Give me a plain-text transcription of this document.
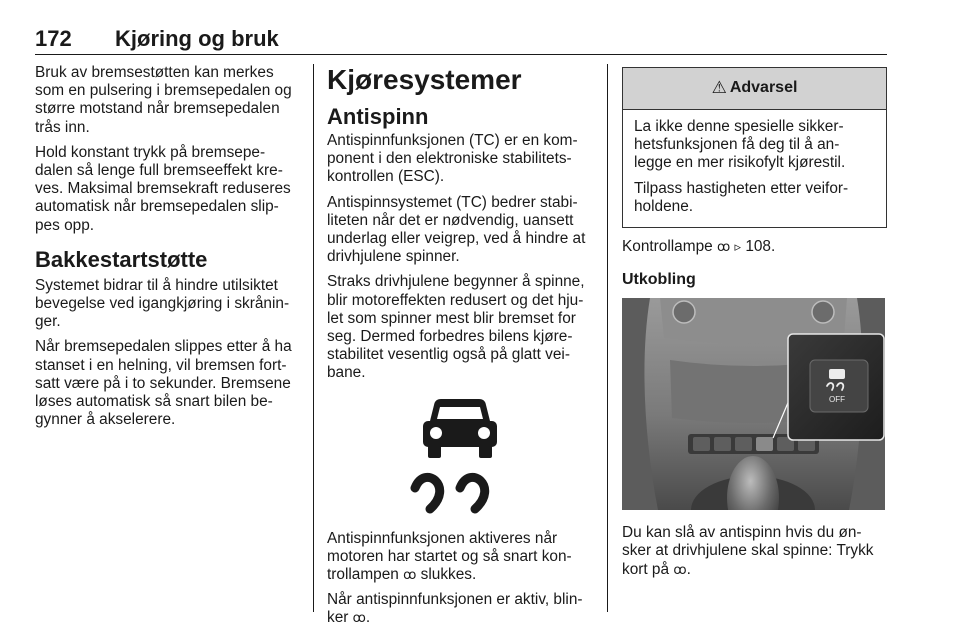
172 Kjøring og bruk

Bruk av bremsestøtten kan merkes som en pulsering i bremsepedalen og større motstand når bremsepedalen trås inn.

Hold konstant trykk på bremsepe-dalen så lenge full bremseeffekt kre-ves. Maksimal bremsekraft reduseres automatisk når bremsepedalen slip-pes opp.

Bakkestartstøtte

Systemet bidrar til å hindre utilsiktet bevegelse ved igangkjøring i skrånin-ger.

Når bremsepedalen slippes etter å ha stanset i en helning, vil bremsen fort-satt være på i to sekunder. Bremsene løses automatisk så snart bilen be-gynner å akselerere.

Kjøresystemer
Antispinn

Antispinnfunksjonen (TC) er en kom-ponent i den elektroniske stabilitets-kontrollen (ESC).

Antispinnsystemet (TC) bedrer stabi-liteten når det er nødvendig, uansett underlag eller veigrep, ved å hindre at drivhjulene spinner.

Straks drivhjulene begynner å spinne, blir motoreffekten redusert og det hju-let som spinner mest blir bremset for seg. Dermed forbedres bilens kjøre-stabilitet vesentlig også på glatt vei-bane.

Antispinnfunksjonen aktiveres når motoren har startet og så snart kon-trollampen ꝏ slukkes.

Når antispinnfunksjonen er aktiv, blin-ker ꝏ.

⚠ Advarsel

La ikke denne spesielle sikker-hetsfunksjonen få deg til å an-legge en mer risikofylt kjørestil.

Tilpass hastigheten etter veifor-holdene.

Kontrollampe ꝏ ▹ 108.

Utkobling
OFF

Du kan slå av antispinn hvis du øn-sker at drivhjulene skal spinne: Trykk kort på ꝏ.
